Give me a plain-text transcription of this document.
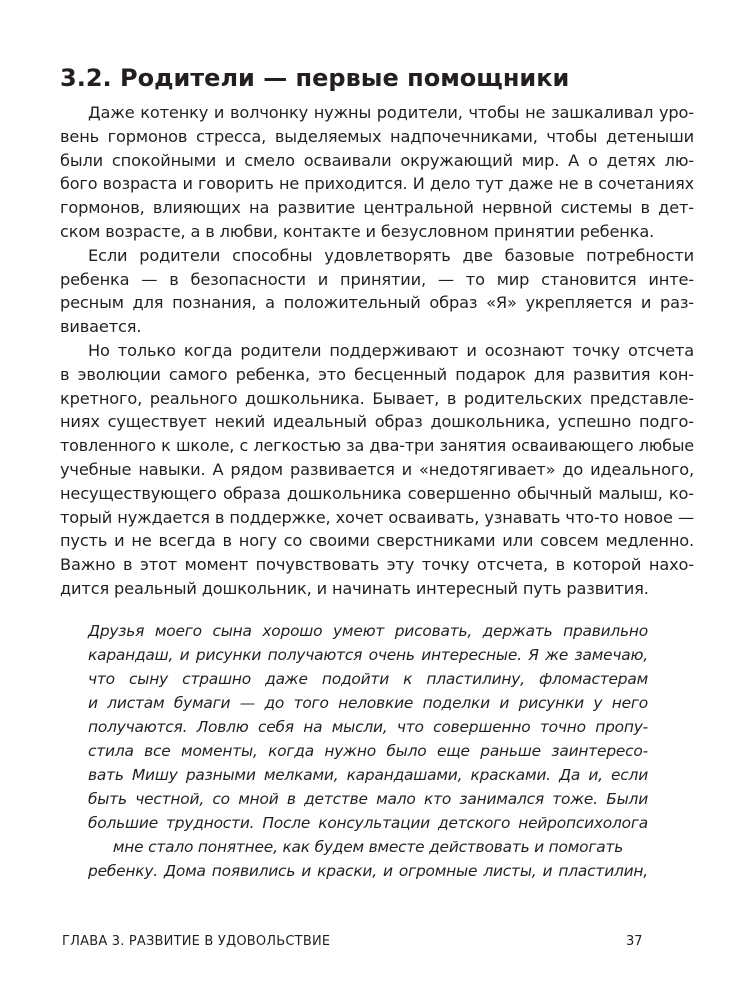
3.2. Родители — первые помощники
Даже котенку и волчонку нужны родители, чтобы не зашкаливал уро-
вень гормонов стресса, выделяемых надпочечниками, чтобы детеныши
были спокойными и смело осваивали окружающий мир. А о детях лю-
бого возраста и говорить не приходится. И дело тут даже не в сочетаниях
гормонов, влияющих на развитие центральной нервной системы в дет-
ском возрасте, а в любви, контакте и безусловном принятии ребенка.
Если родители способны удовлетворять две базовые потребности
ребенка — в безопасности и принятии, — то мир становится инте-
ресным для познания, а положительный образ «Я» укрепляется и раз-
вивается.
Но только когда родители поддерживают и осознают точку отсчета
в эволюции самого ребенка, это бесценный подарок для развития кон-
кретного, реального дошкольника. Бывает, в родительских представле-
ниях существует некий идеальный образ дошкольника, успешно подго-
товленного к школе, с легкостью за два-три занятия осваивающего любые
учебные навыки. А рядом развивается и «недотягивает» до идеального,
несуществующего образа дошкольника совершенно обычный малыш, ко-
торый нуждается в поддержке, хочет осваивать, узнавать что-то новое —
пусть и не всегда в ногу со своими сверстниками или совсем медленно.
Важно в этот момент почувствовать эту точку отсчета, в которой нахо-
дится реальный дошкольник, и начинать интересный путь развития.
Друзья моего сына хорошо умеют рисовать, держать правильно
карандаш, и рисунки получаются очень интересные. Я же замечаю,
что сыну страшно даже подойти к пластилину, фломастерам
и листам бумаги — до того неловкие поделки и рисунки у него
получаются. Ловлю себя на мысли, что совершенно точно пропу-
стила все моменты, когда нужно было еще раньше заинтересо-
вать Мишу разными мелками, карандашами, красками. Да и, если
быть честной, со мной в детстве мало кто занимался тоже. Были
большие трудности. После консультации детского нейропсихолога
мне стало понятнее, как будем вместе действовать и помогать
ребенку. Дома появились и краски, и огромные листы, и пластилин,
ГЛАВА 3. РАЗВИТИЕ В УДОВОЛЬСТВИЕ	37
